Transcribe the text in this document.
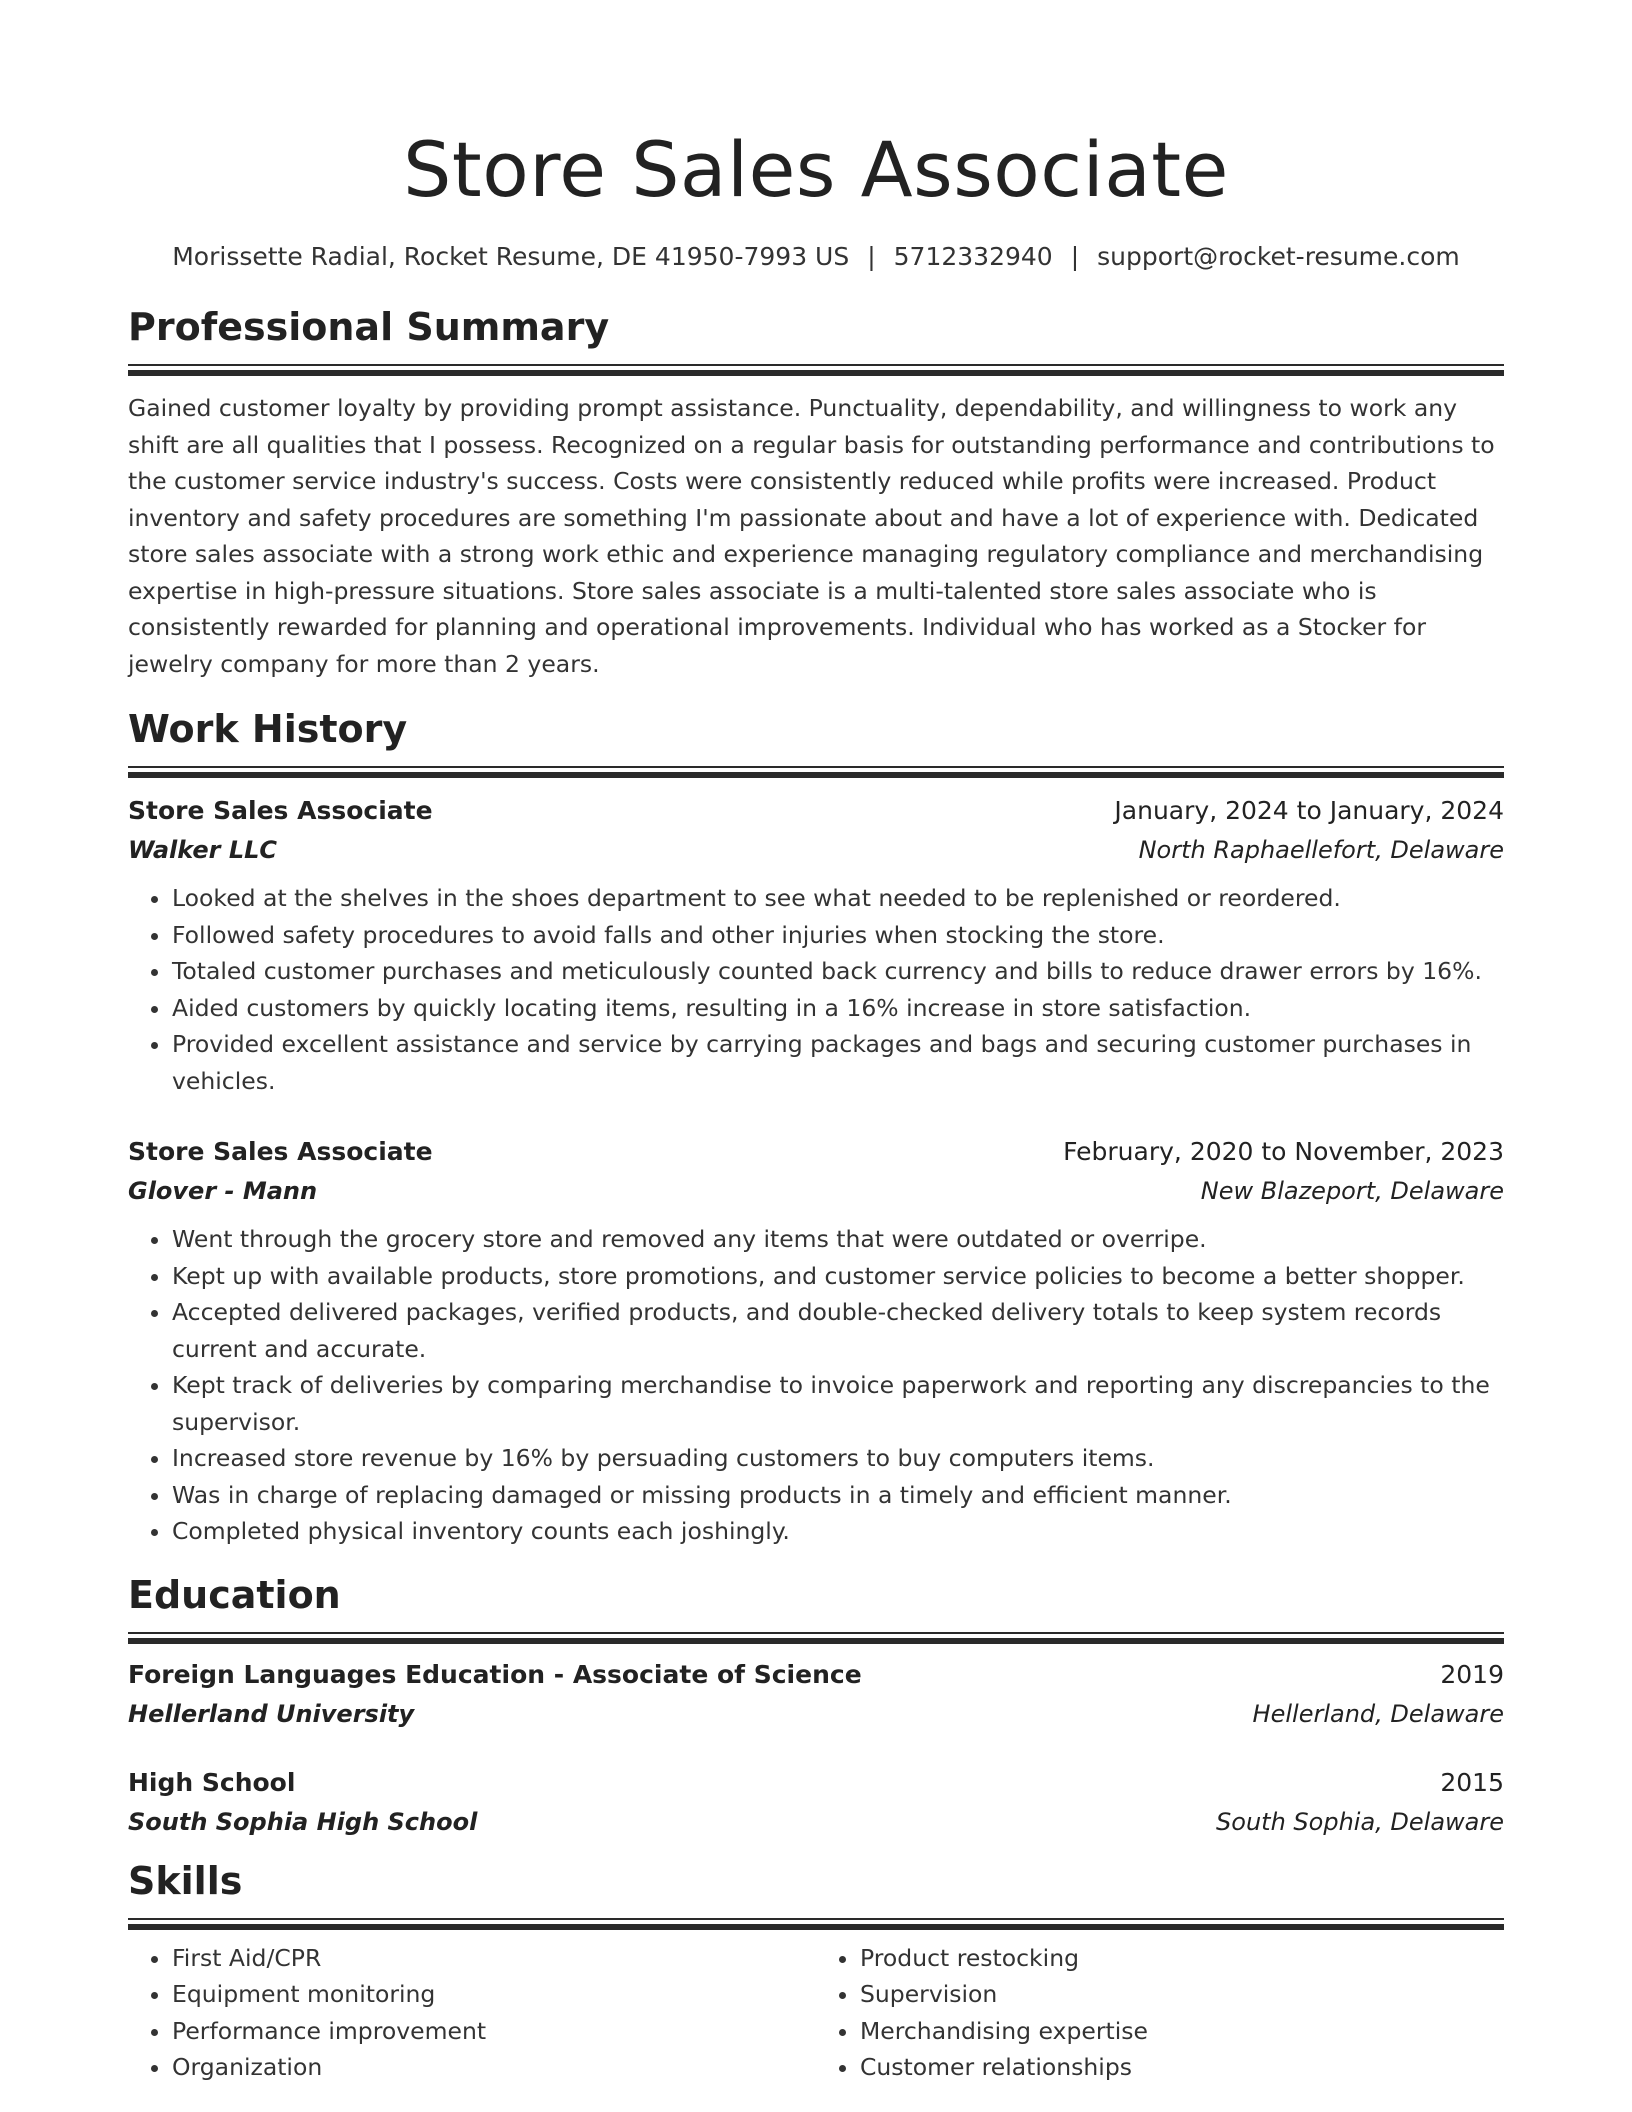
Store Sales Associate
Morissette Radial, Rocket Resume, DE 41950-7993 US | 5712332940 | support@rocket-resume.com
Professional Summary
Gained customer loyalty by providing prompt assistance. Punctuality, dependability, and willingness to work any shift are all qualities that I possess. Recognized on a regular basis for outstanding performance and contributions to the customer service industry's success. Costs were consistently reduced while profits were increased. Product inventory and safety procedures are something I'm passionate about and have a lot of experience with. Dedicated store sales associate with a strong work ethic and experience managing regulatory compliance and merchandising expertise in high-pressure situations. Store sales associate is a multi-talented store sales associate who is consistently rewarded for planning and operational improvements. Individual who has worked as a Stocker for jewelry company for more than 2 years.
Work History
Store Sales Associate	January, 2024 to January, 2024
Walker LLC	North Raphaellefort, Delaware
• Looked at the shelves in the shoes department to see what needed to be replenished or reordered.
• Followed safety procedures to avoid falls and other injuries when stocking the store.
• Totaled customer purchases and meticulously counted back currency and bills to reduce drawer errors by 16%.
• Aided customers by quickly locating items, resulting in a 16% increase in store satisfaction.
• Provided excellent assistance and service by carrying packages and bags and securing customer purchases in vehicles.
Store Sales Associate	February, 2020 to November, 2023
Glover - Mann	New Blazeport, Delaware
• Went through the grocery store and removed any items that were outdated or overripe.
• Kept up with available products, store promotions, and customer service policies to become a better shopper.
• Accepted delivered packages, verified products, and double-checked delivery totals to keep system records current and accurate.
• Kept track of deliveries by comparing merchandise to invoice paperwork and reporting any discrepancies to the supervisor.
• Increased store revenue by 16% by persuading customers to buy computers items.
• Was in charge of replacing damaged or missing products in a timely and efficient manner.
• Completed physical inventory counts each joshingly.
Education
Foreign Languages Education - Associate of Science	2019
Hellerland University	Hellerland, Delaware
High School	2015
South Sophia High School	South Sophia, Delaware
Skills
• First Aid/CPR
• Equipment monitoring
• Performance improvement
• Organization
• Product restocking
• Supervision
• Merchandising expertise
• Customer relationships
